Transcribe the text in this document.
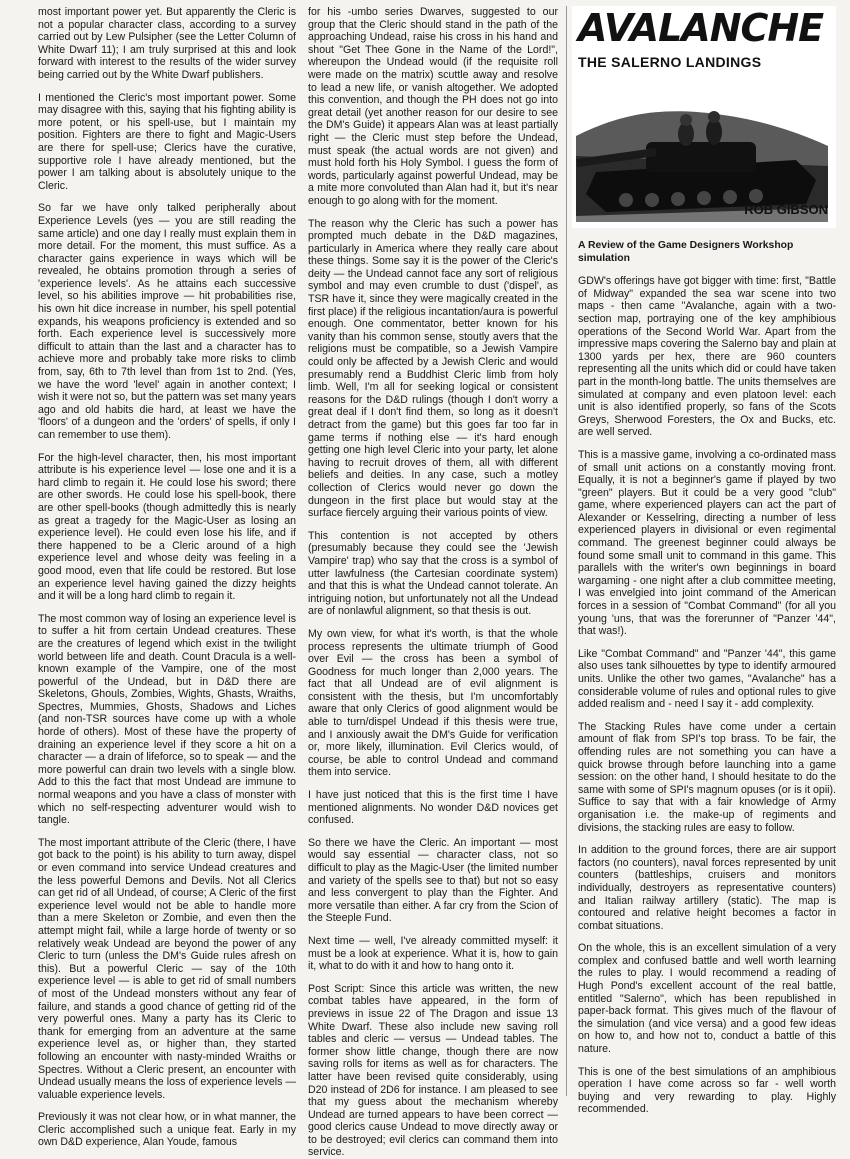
most important power yet. But apparently the Cleric is not a popular character class, according to a survey carried out by Lew Pulsipher (see the Letter Column of White Dwarf 11); I am truly surprised at this and look forward with interest to the results of the wider survey being carried out by the White Dwarf publishers.

I mentioned the Cleric's most important power. Some may disagree with this, saying that his fighting ability is more potent, or his spell-use, but I maintain my position. Fighters are there to fight and Magic-Users are there for spell-use; Clerics have the curative, supportive role I have already mentioned, but the power I am talking about is absolutely unique to the Cleric.

So far we have only talked peripherally about Experience Levels (yes — you are still reading the same article) and one day I really must explain them in more detail. For the moment, this must suffice. As a character gains experience in ways which will be revealed, he obtains promotion through a series of 'experience levels'. As he attains each successive level, so his abilities improve — hit probabilities rise, his own hit dice increase in number, his spell potential expands, his weapons proficiency is extended and so forth. Each experience level is successively more difficult to attain than the last and a character has to achieve more and probably take more risks to climb from, say, 6th to 7th level than from 1st to 2nd. (Yes, we have the word 'level' again in another context; I wish it were not so, but the pattern was set many years ago and old habits die hard, at least we have the 'floors' of a dungeon and the 'orders' of spells, if only I can remember to use them).

For the high-level character, then, his most important attribute is his experience level — lose one and it is a hard climb to regain it. He could lose his sword; there are other swords. He could lose his spell-book, there are other spell-books (though admittedly this is nearly as great a tragedy for the Magic-User as losing an experience level). He could even lose his life, and if there happened to be a Cleric around of a high experience level and whose deity was feeling in a good mood, even that life could be restored. But lose an experience level having gained the dizzy heights and it will be a long hard climb to regain it.

The most common way of losing an experience level is to suffer a hit from certain Undead creatures. These are the creatures of legend which exist in the twilight world between life and death. Count Dracula is a well-known example of the Vampire, one of the most powerful of the Undead, but in D&D there are Skeletons, Ghouls, Zombies, Wights, Ghasts, Wraiths, Spectres, Mummies, Ghosts, Shadows and Liches (and non-TSR sources have come up with a whole horde of others). Most of these have the property of draining an experience level if they score a hit on a character — a drain of lifeforce, so to speak — and the more powerful can drain two levels with a single blow. Add to this the fact that most Undead are immune to normal weapons and you have a class of monster with which no self-respecting adventurer would wish to tangle.

The most important attribute of the Cleric (there, I have got back to the point) is his ability to turn away, dispel or even command into service Undead creatures and the less powerful Demons and Devils. Not all Clerics can get rid of all Undead, of course; A Cleric of the first experience level would not be able to handle more than a mere Skeleton or Zombie, and even then the attempt might fail, while a large horde of twenty or so relatively weak Undead are beyond the power of any Cleric to turn (unless the DM's Guide rules afresh on this). But a powerful Cleric — say of the 10th experience level — is able to get rid of small numbers of most of the Undead monsters without any fear of failure, and stands a good chance of getting rid of the very powerful ones. Many a party has its Cleric to thank for emerging from an adventure at the same experience level as, or higher than, they started following an encounter with nasty-minded Wraiths or Spectres. Without a Cleric present, an encounter with Undead usually means the loss of experience levels — valuable experience levels.

Previously it was not clear how, or in what manner, the Cleric accomplished such a unique feat. Early in my own D&D experience, Alan Youde, famous

for his -umbo series Dwarves, suggested to our group that the Cleric should stand in the path of the approaching Undead, raise his cross in his hand and shout "Get Thee Gone in the Name of the Lord!", whereupon the Undead would (if the requisite roll were made on the matrix) scuttle away and resolve to lead a new life, or vanish altogether. We adopted this convention, and though the PH does not go into great detail (yet another reason for our desire to see the DM's Guide) it appears Alan was at least partially right — the Cleric must step before the Undead, must speak (the actual words are not given) and must hold forth his Holy Symbol. I guess the form of words, particularly against powerful Undead, may be a mite more convoluted than Alan had it, but it's near enough to go along with for the moment.

The reason why the Cleric has such a power has prompted much debate in the D&D magazines, particularly in America where they really care about these things. Some say it is the power of the Cleric's deity — the Undead cannot face any sort of religious symbol and may even crumble to dust ('dispel', as TSR have it, since they were magically created in the first place) if the religious incantation/aura is powerful enough. One commentator, better known for his vanity than his common sense, stoutly avers that the religions must be compatible, so a Jewish Vampire could only be affected by a Jewish Cleric and would presumably rend a Buddhist Cleric limb from holy limb. Well, I'm all for seeking logical or consistent reasons for the D&D rulings (though I don't worry a great deal if I don't find them, so long as it doesn't detract from the game) but this goes far too far in game terms if nothing else — it's hard enough getting one high level Cleric into your party, let alone having to recruit droves of them, all with different beliefs and deities. In any case, such a motley collection of Clerics would never go down the dungeon in the first place but would stay at the surface fiercely arguing their various points of view.

This contention is not accepted by others (presumably because they could see the 'Jewish Vampire' trap) who say that the cross is a symbol of utter lawfulness (the Cartesian coordinate system) and that this is what the Undead cannot tolerate. An intriguing notion, but unfortunately not all the Undead are of nonlawful alignment, so that thesis is out.

My own view, for what it's worth, is that the whole process represents the ultimate triumph of Good over Evil — the cross has been a symbol of Goodness for much longer than 2,000 years. The fact that all Undead are of evil alignment is consistent with the thesis, but I'm uncomfortably aware that only Clerics of good alignment would be able to turn/dispel Undead if this thesis were true, and I anxiously await the DM's Guide for verification or, more likely, illumination. Evil Clerics would, of course, be able to control Undead and command them into service.

I have just noticed that this is the first time I have mentioned alignments. No wonder D&D novices get confused.

So there we have the Cleric. An important — most would say essential — character class, not so difficult to play as the Magic-User (the limited number and variety of the spells see to that) but not so easy and less convergent to play than the Fighter. And more versatile than either. A far cry from the Scion of the Steeple Fund.

Next time — well, I've already committed myself: it must be a look at experience. What it is, how to gain it, what to do with it and how to hang onto it.

Post Script: Since this article was written, the new combat tables have appeared, in the form of previews in issue 22 of The Dragon and issue 13 White Dwarf. These also include new saving roll tables and cleric — versus — Undead tables. The former show little change, though there are now saving rolls for items as well as for characters. The latter have been revised quite considerably, using D20 instead of 2D6 for instance. I am pleased to see that my guess about the mechanism whereby Undead are turned appears to have been correct — good clerics cause Undead to move directly away or to be destroyed; evil clerics can command them into service.

AVALANCHE
THE SALERNO LANDINGS
ROB GIBSON

A Review of the Game Designers Workshop simulation

GDW's offerings have got bigger with time: first, "Battle of Midway" expanded the sea war scene into two maps - then came "Avalanche, again with a two-section map, portraying one of the key amphibious operations of the Second World War. Apart from the impressive maps covering the Salerno bay and plain at 1300 yards per hex, there are 960 counters representing all the units which did or could have taken part in the month-long battle. The units themselves are simulated at company and even platoon level: each unit is also identified properly, so fans of the Scots Greys, Sherwood Foresters, the Ox and Bucks, etc. are well served.

This is a massive game, involving a co-ordinated mass of small unit actions on a constantly moving front. Equally, it is not a beginner's game if played by two "green" players. But it could be a very good "club" game, where experienced players can act the part of Alexander or Kesselring, directing a number of less experienced players in divisional or even regimental command. The greenest beginner could always be found some small unit to command in this game. This parallels with the writer's own beginnings in board wargaming - one night after a club committee meeting, I was envelgied into joint command of the American forces in a session of "Combat Command" (for all you young 'uns, that was the forerunner of "Panzer '44", that was!).

Like "Combat Command" and "Panzer '44", this game also uses tank silhouettes by type to identify armoured units. Unlike the other two games, "Avalanche" has a considerable volume of rules and optional rules to give added realism and - need I say it - add complexity.

The Stacking Rules have come under a certain amount of flak from SPI's top brass. To be fair, the offending rules are not something you can have a quick browse through before launching into a game session: on the other hand, I should hesitate to do the same with some of SPI's magnum opuses (or is it opii). Suffice to say that with a fair knowledge of Army organisation i.e. the make-up of regiments and divisions, the stacking rules are easy to follow.

In addition to the ground forces, there are air support factors (no counters), naval forces represented by unit counters (battleships, cruisers and monitors individually, destroyers as representative counters) and Italian railway artillery (static). The map is contoured and relative height becomes a factor in combat situations.

On the whole, this is an excellent simulation of a very complex and confused battle and well worth learning the rules to play. I would recommend a reading of Hugh Pond's excellent account of the real battle, entitled "Salerno", which has been republished in paper-back format. This gives much of the flavour of the simulation (and vice versa) and a good few ideas on how to, and how not to, conduct a battle of this nature.

This is one of the best simulations of an amphibious operation I have come across so far - well worth buying and very rewarding to play. Highly recommended.
